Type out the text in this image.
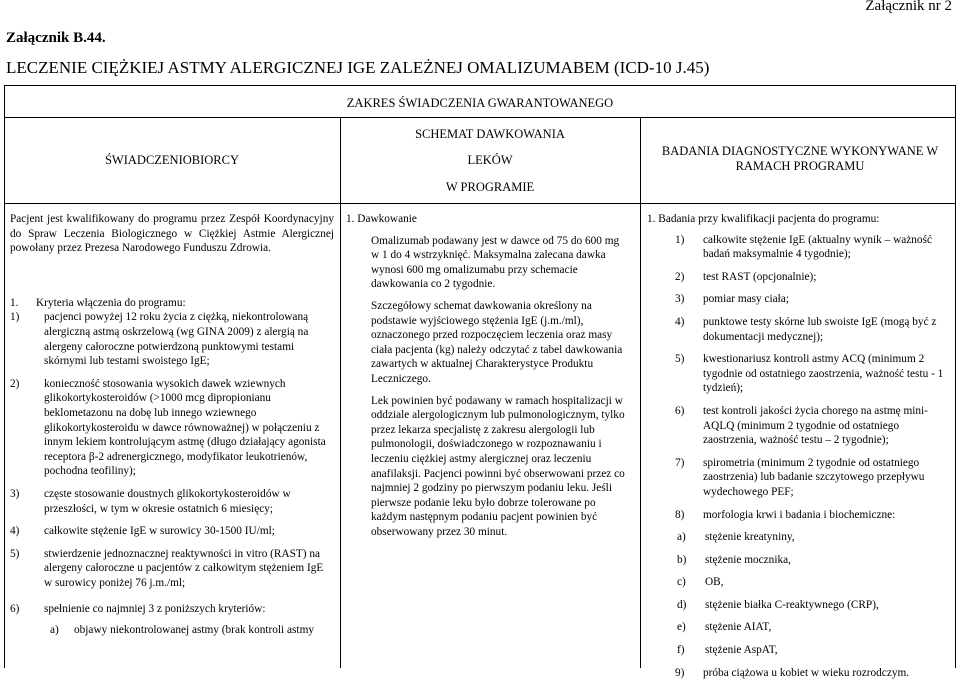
Załącznik nr 2
Załącznik B.44.
LECZENIE CIĘŻKIEJ ASTMY ALERGICZNEJ IGE ZALEŻNEJ OMALIZUMABEM (ICD-10 J.45)
ZAKRES ŚWIADCZENIA GWARANTOWANEGO
ŚWIADCZENIOBIORCY
SCHEMAT DAWKOWANIA
LEKÓW
W PROGRAMIE
BADANIA DIAGNOSTYCZNE WYKONYWANE W RAMACH PROGRAMU

Pacjent jest kwalifikowany do programu przez Zespół Koordynacyjny do Spraw Leczenia Biologicznego w Ciężkiej Astmie Alergicznej powołany przez Prezesa Narodowego Funduszu Zdrowia.

1. Kryteria włączenia do programu:

1) pacjenci powyżej 12 roku życia z ciężką, niekontrolowaną alergiczną astmą oskrzelową (wg GINA 2009) z alergią na alergeny całoroczne potwierdzoną punktowymi testami skórnymi lub testami swoistego IgE;
2) konieczność stosowania wysokich dawek wziewnych glikokortykosteroidów (>1000 mcg dipropionianu beklometazonu na dobę lub innego wziewnego glikokortykosteroidu w dawce równoważnej) w połączeniu z innym lekiem kontrolującym astmę (długo działający agonista receptora β-2 adrenergicznego, modyfikator leukotrienów, pochodna teofiliny);
3) częste stosowanie doustnych glikokortykosteroidów w przeszłości, w tym w okresie ostatnich 6 miesięcy;
4) całkowite stężenie IgE w surowicy 30-1500 IU/ml;
5) stwierdzenie jednoznacznej reaktywności in vitro (RAST) na alergeny całoroczne u pacjentów z całkowitym stężeniem IgE w surowicy poniżej 76 j.m./ml;
6) spełnienie co najmniej 3 z poniższych kryteriów:
a) objawy niekontrolowanej astmy (brak kontroli astmy

1. Dawkowanie

Omalizumab podawany jest w dawce od 75 do 600 mg w 1 do 4 wstrzyknięć. Maksymalna zalecana dawka wynosi 600 mg omalizumabu przy schemacie dawkowania co 2 tygodnie.

Szczegółowy schemat dawkowania określony na podstawie wyjściowego stężenia IgE (j.m./ml), oznaczonego przed rozpoczęciem leczenia oraz masy ciała pacjenta (kg) należy odczytać z tabel dawkowania zawartych w aktualnej Charakterystyce Produktu Leczniczego.

Lek powinien być podawany w ramach hospitalizacji w oddziale alergologicznym lub pulmonologicznym, tylko przez lekarza specjalistę z zakresu alergologii lub pulmonologii, doświadczonego w rozpoznawaniu i leczeniu ciężkiej astmy alergicznej oraz leczeniu anafilaksji. Pacjenci powinni być obserwowani przez co najmniej 2 godziny po pierwszym podaniu leku. Jeśli pierwsze podanie leku było dobrze tolerowane po każdym następnym podaniu pacjent powinien być obserwowany przez 30 minut.

1. Badania przy kwalifikacji pacjenta do programu:

1) całkowite stężenie IgE (aktualny wynik – ważność badań maksymalnie 4 tygodnie);
2) test RAST (opcjonalnie);
3) pomiar masy ciała;
4) punktowe testy skórne lub swoiste IgE (mogą być z dokumentacji medycznej);
5) kwestionariusz kontroli astmy ACQ (minimum 2 tygodnie od ostatniego zaostrzenia, ważność testu - 1 tydzień);
6) test kontroli jakości życia chorego na astmę mini-AQLQ (minimum 2 tygodnie od ostatniego zaostrzenia, ważność testu – 2 tygodnie);
7) spirometria (minimum 2 tygodnie od ostatniego zaostrzenia) lub badanie szczytowego przepływu wydechowego PEF;
8) morfologia krwi i badania i biochemiczne:
a) stężenie kreatyniny,
b) stężenie mocznika,
c) OB,
d) stężenie białka C-reaktywnego (CRP),
e) stężenie AIAT,
f) stężenie AspAT,
9) próba ciążowa u kobiet w wieku rozrodczym.
